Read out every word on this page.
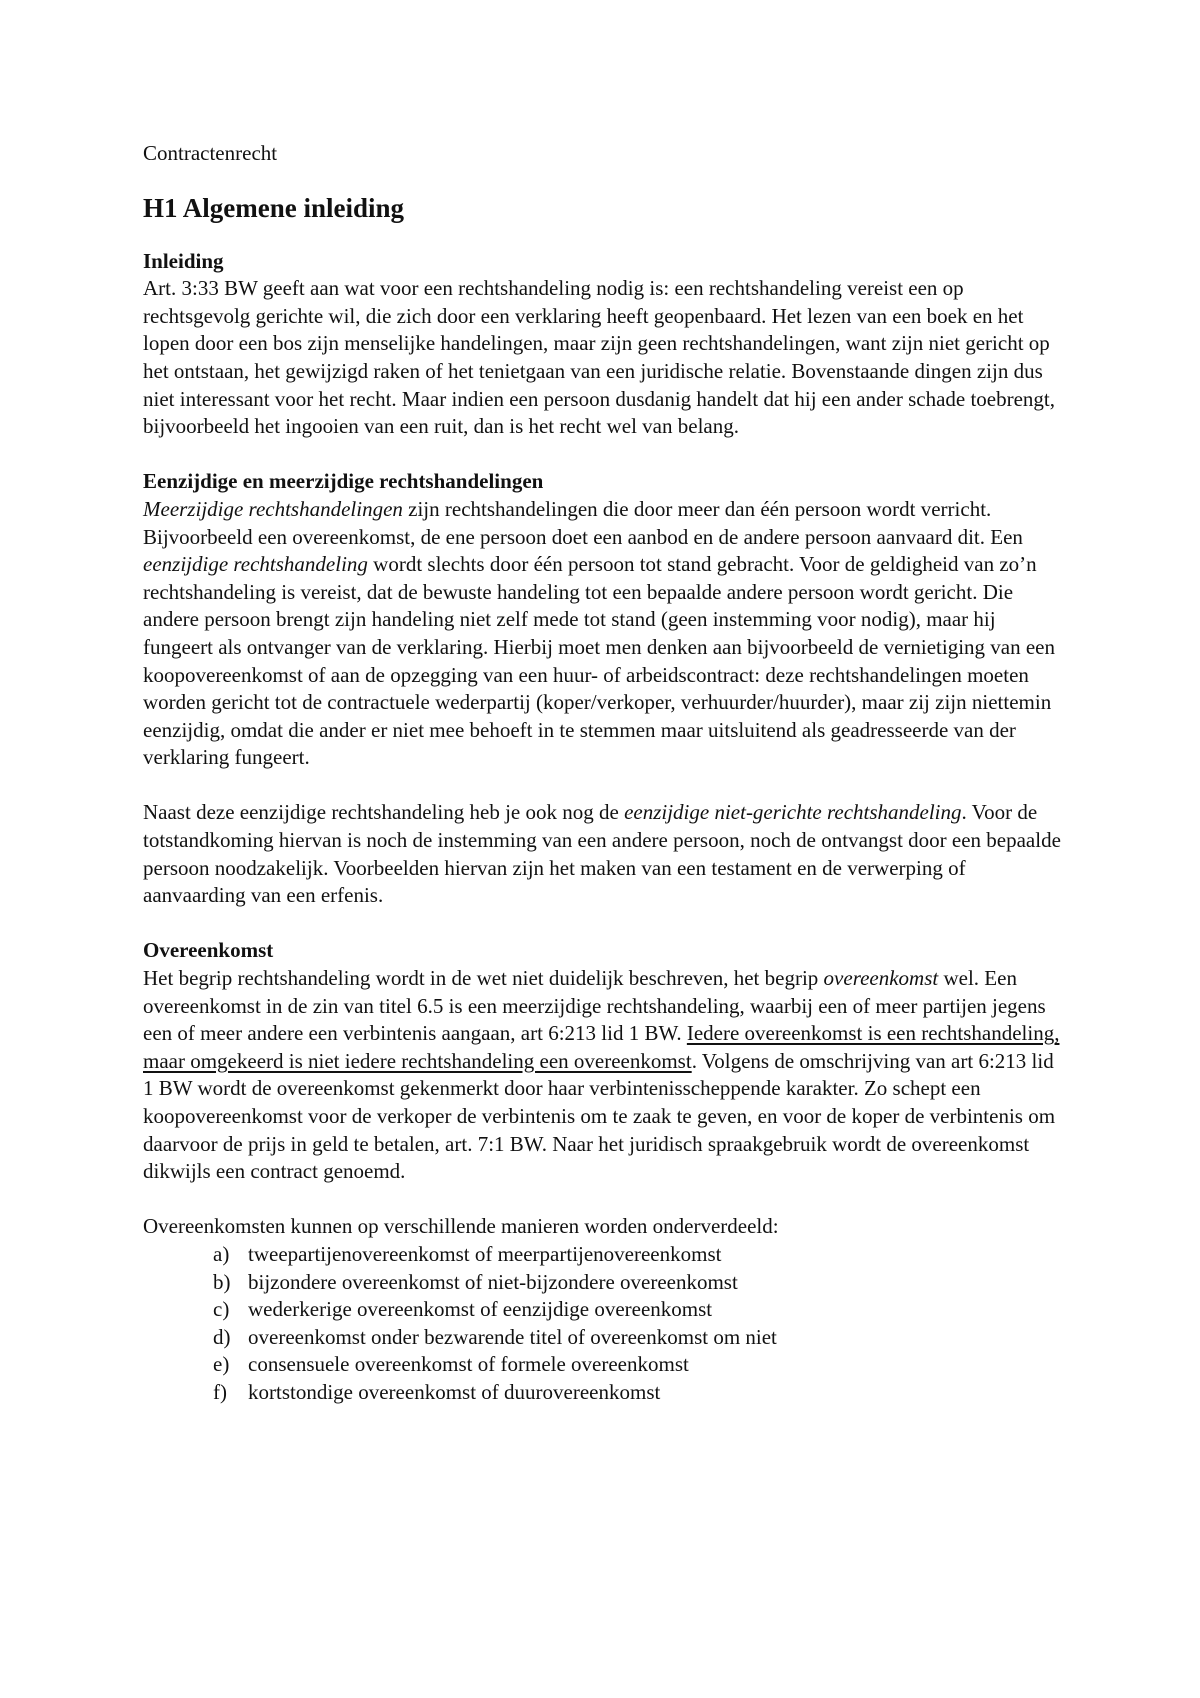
Contractenrecht

H1 Algemene inleiding
Inleiding

Art. 3:33 BW geeft aan wat voor een rechtshandeling nodig is: een rechtshandeling vereist een op rechtsgevolg gerichte wil, die zich door een verklaring heeft geopenbaard. Het lezen van een boek en het lopen door een bos zijn menselijke handelingen, maar zijn geen rechtshandelingen, want zijn niet gericht op het ontstaan, het gewijzigd raken of het tenietgaan van een juridische relatie. Bovenstaande dingen zijn dus niet interessant voor het recht. Maar indien een persoon dusdanig handelt dat hij een ander schade toebrengt, bijvoorbeeld het ingooien van een ruit, dan is het recht wel van belang.

Eenzijdige en meerzijdige rechtshandelingen

Meerzijdige rechtshandelingen zijn rechtshandelingen die door meer dan één persoon wordt verricht. Bijvoorbeeld een overeenkomst, de ene persoon doet een aanbod en de andere persoon aanvaard dit. Een eenzijdige rechtshandeling wordt slechts door één persoon tot stand gebracht. Voor de geldigheid van zo’n rechtshandeling is vereist, dat de bewuste handeling tot een bepaalde andere persoon wordt gericht. Die andere persoon brengt zijn handeling niet zelf mede tot stand (geen instemming voor nodig), maar hij fungeert als ontvanger van de verklaring. Hierbij moet men denken aan bijvoorbeeld de vernietiging van een koopovereenkomst of aan de opzegging van een huur- of arbeidscontract: deze rechtshandelingen moeten worden gericht tot de contractuele wederpartij (koper/verkoper, verhuurder/huurder), maar zij zijn niettemin eenzijdig, omdat die ander er niet mee behoeft in te stemmen maar uitsluitend als geadresseerde van der verklaring fungeert.

Naast deze eenzijdige rechtshandeling heb je ook nog de eenzijdige niet-gerichte rechtshandeling. Voor de totstandkoming hiervan is noch de instemming van een andere persoon, noch de ontvangst door een bepaalde persoon noodzakelijk. Voorbeelden hiervan zijn het maken van een testament en de verwerping of aanvaarding van een erfenis.

Overeenkomst

Het begrip rechtshandeling wordt in de wet niet duidelijk beschreven, het begrip overeenkomst wel. Een overeenkomst in de zin van titel 6.5 is een meerzijdige rechtshandeling, waarbij een of meer partijen jegens een of meer andere een verbintenis aangaan, art 6:213 lid 1 BW. Iedere overeenkomst is een rechtshandeling, maar omgekeerd is niet iedere rechtshandeling een overeenkomst. Volgens de omschrijving van art 6:213 lid 1 BW wordt de overeenkomst gekenmerkt door haar verbintenisscheppende karakter. Zo schept een koopovereenkomst voor de verkoper de verbintenis om te zaak te geven, en voor de koper de verbintenis om daarvoor de prijs in geld te betalen, art. 7:1 BW. Naar het juridisch spraakgebruik wordt de overeenkomst dikwijls een contract genoemd.

Overeenkomsten kunnen op verschillende manieren worden onderverdeeld:

a) tweepartijenovereenkomst of meerpartijenovereenkomst
b) bijzondere overeenkomst of niet-bijzondere overeenkomst
c) wederkerige overeenkomst of eenzijdige overeenkomst
d) overeenkomst onder bezwarende titel of overeenkomst om niet
e) consensuele overeenkomst of formele overeenkomst
f) kortstondige overeenkomst of duurovereenkomst
